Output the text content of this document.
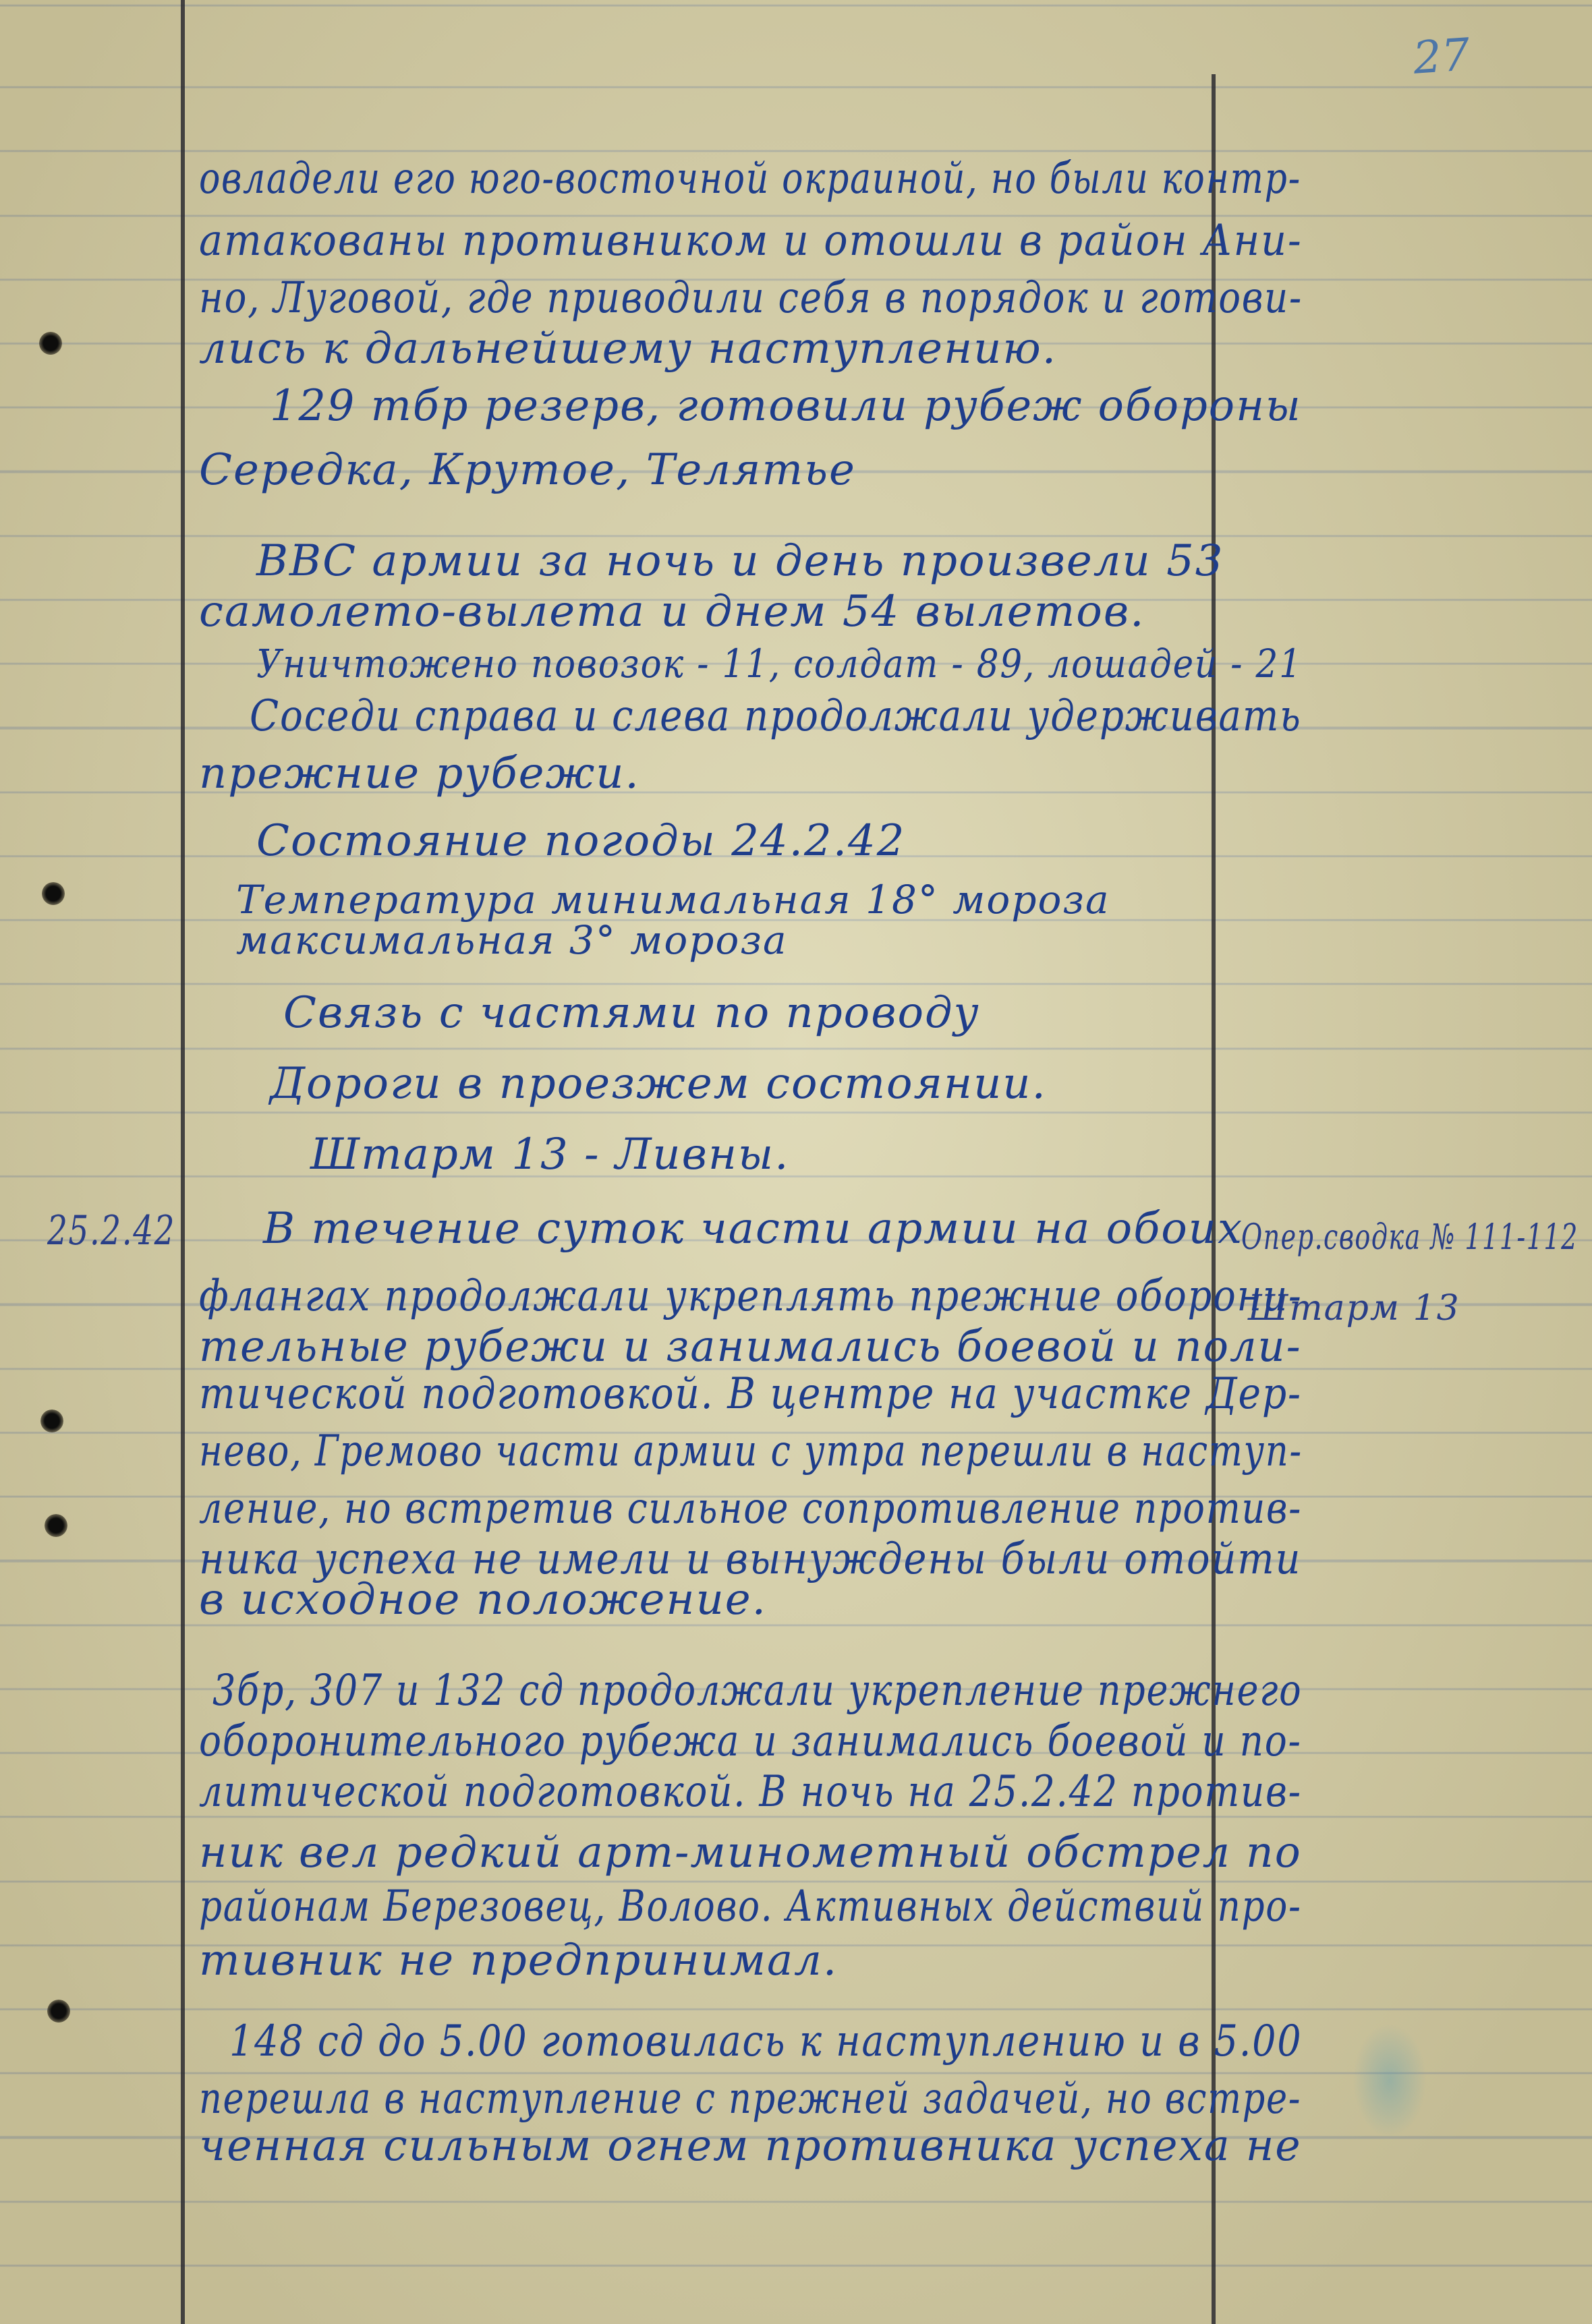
27
овладели его юго-восточной окраиной, но были контр-
атакованы противником и отошли в район Ани-
но, Луговой, где приводили себя в порядок и готови-
лись к дальнейшему наступлению.
129 тбр резерв, готовили рубеж обороны
Середка, Крутое, Телятье
ВВС армии за ночь и день произвели 53
самолето-вылета и днем 54 вылетов.
Уничтожено повозок - 11, солдат - 89, лошадей - 21
Соседи справа и слева продолжали удерживать
прежние рубежи.
Состояние погоды 24.2.42
Температура минимальная 18° мороза
максимальная 3° мороза
Связь с частями по проводу
Дороги в проезжем состоянии.
Штарм 13 - Ливны.
25.2.42	Опер.сводка № 111-112
Штарм 13
В течение суток части армии на обоих
флангах продолжали укреплять прежние оборони-
тельные рубежи и занимались боевой и поли-
тической подготовкой. В центре на участке Дер-
нево, Гремово части армии с утра перешли в наступ-
ление, но встретив сильное сопротивление против-
ника успеха не имели и вынуждены были отойти
в исходное положение.
3бр, 307 и 132 сд продолжали укрепление прежнего
оборонительного рубежа и занимались боевой и по-
литической подготовкой. В ночь на 25.2.42 против-
ник вел редкий арт-минометный обстрел по
районам Березовец, Волово. Активных действий про-
тивник не предпринимал.
148 сд до 5.00 готовилась к наступлению и в 5.00
перешла в наступление с прежней задачей, но встре-
ченная сильным огнем противника успеха не
